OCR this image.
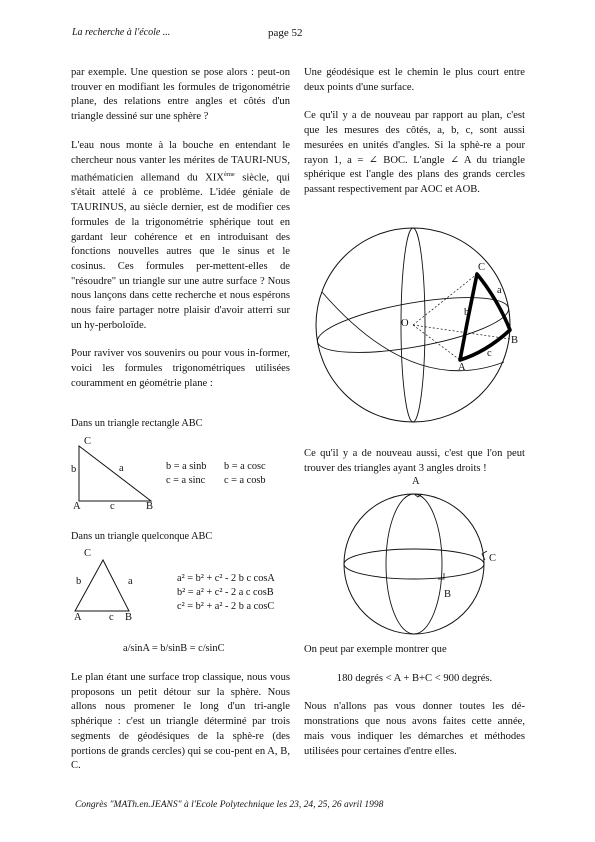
La recherche à l'école ...	page 52

par exemple. Une question se pose alors : peut-on trouver en modifiant les formules de trigonométrie plane, des relations entre angles et côtés d'un triangle dessiné sur une sphère ?

L'eau nous monte à la bouche en entendant le chercheur nous vanter les mérites de TAURI-NUS, mathématicien allemand du XIXème siècle, qui s'était attelé à ce problème. L'idée géniale de TAURINUS, au siècle dernier, est de modifier ces formules de la trigonométrie sphérique tout en gardant leur cohérence et en introduisant des fonctions nouvelles autres que le sinus et le cosinus. Ces formules per-mettent-elles de "résoudre" un triangle sur une autre surface ? Nous nous lançons dans cette recherche et nous espérons nous faire partager notre plaisir d'avoir atterri sur un hy-perboloïde.

Pour raviver vos souvenirs ou pour vous in-former, voici les formules trigonométriques utilisées couramment en géométrie plane :

Dans un triangle rectangle ABC
C
b	a
A	c	B
b = a sinb b = a cosc
c = a sinc c = a cosb
Dans un triangle quelconque ABC
C
b	a
A	c B
a² = b² + c² - 2 b c cosA
b² = a² + c² - 2 a c cosB
c² = b² + a² - 2 b a cosC
a/sinA = b/sinB = c/sinC

Le plan étant une surface trop classique, nous vous proposons un petit détour sur la sphère. Nous allons nous promener le long d'un tri-angle sphérique : c'est un triangle déterminé par trois segments de géodésiques de la sphè-re (des portions de grands cercles) qui se cou-pent en A, B, C.

Une géodésique est le chemin le plus court entre deux points d'une surface.

Ce qu'il y a de nouveau par rapport au plan, c'est que les mesures des côtés, a, b, c, sont aussi mesurées en unités d'angles. Si la sphè-re a pour rayon 1, a = ∠ BOC. L'angle ∠ A du triangle sphérique est l'angle des plans des grands cercles passant respectivement par AOC et AOB.

C
a
b
O
B
c
A

Ce qu'il y a de nouveau aussi, c'est que l'on peut trouver des triangles ayant 3 angles droits !

A
C
B

On peut par exemple montrer que

180 degrés < A + B+C < 900 degrés.

Nous n'allons pas vous donner toutes les dé-monstrations que nous avons faites cette année, mais vous indiquer les démarches et méthodes utilisées pour certaines d'entre elles.

Congrès "MATh.en.JEANS" à l'Ecole Polytechnique les 23, 24, 25, 26 avril 1998
